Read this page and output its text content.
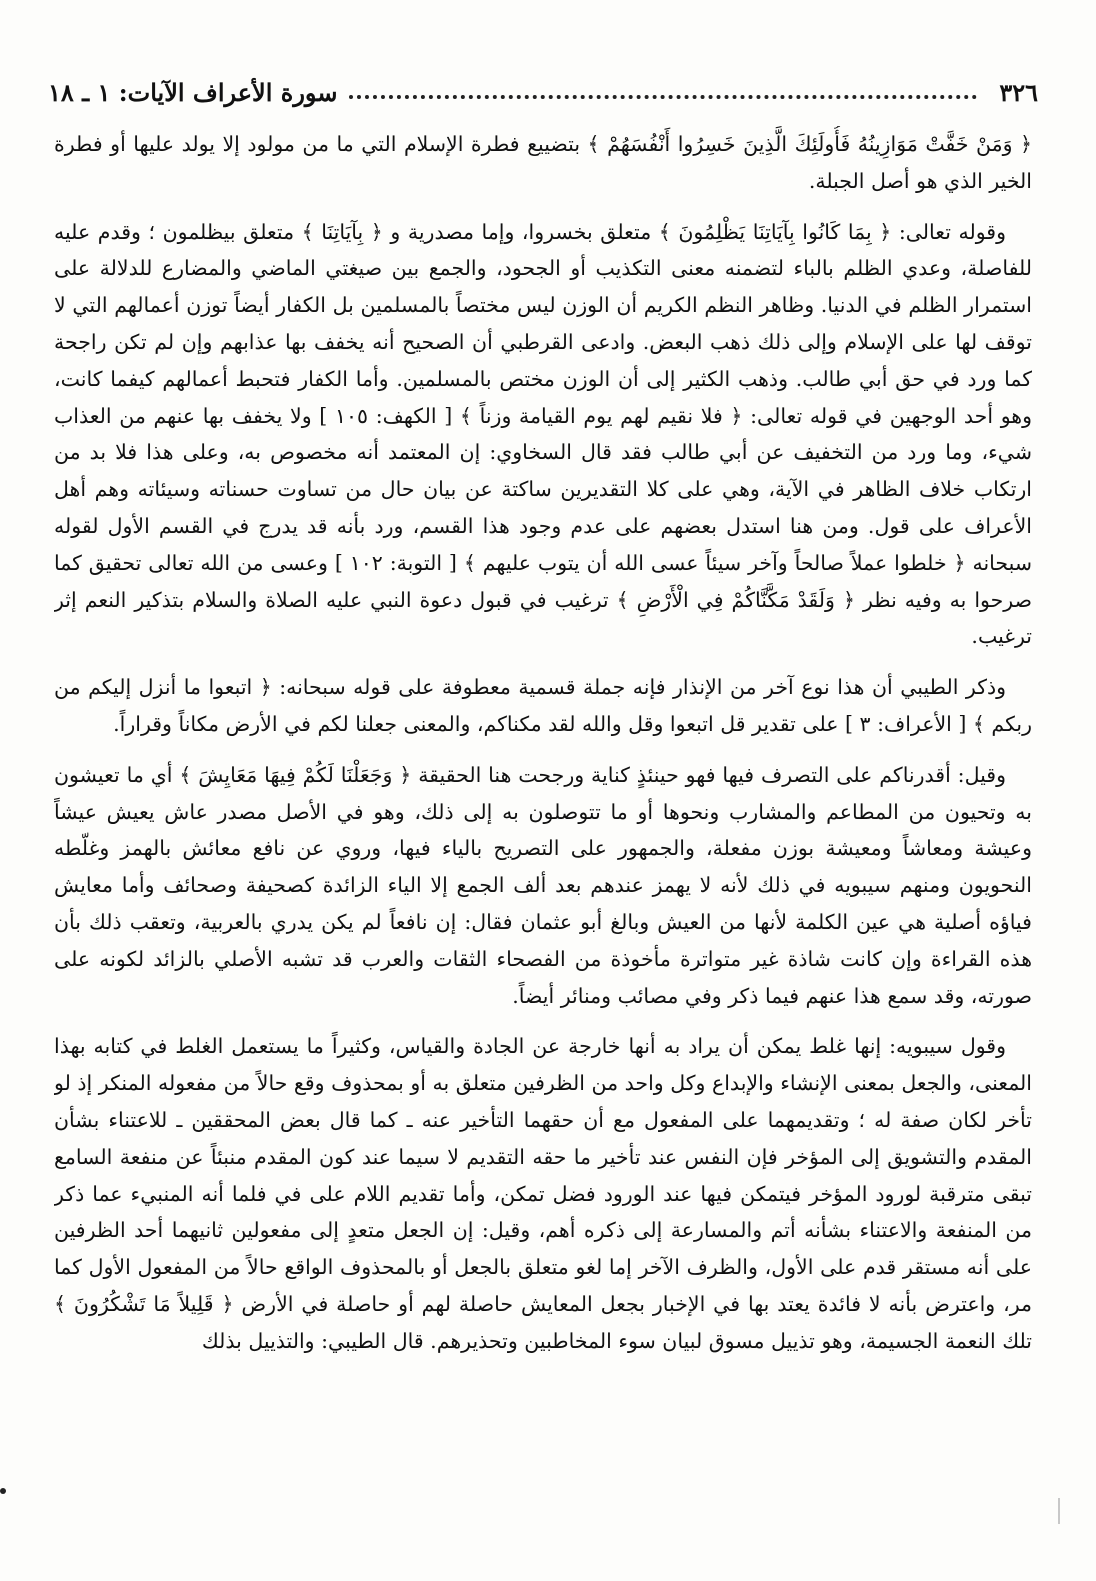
٣٢٦
سورة الأعراف الآيات: ١ ـ ١٨

﴿ وَمَنْ خَفَّتْ مَوَازِينُهُ فَأُولَئِكَ الَّذِينَ خَسِرُوا أَنْفُسَهُمْ ﴾ بتضييع فطرة الإسلام التي ما من مولود إلا يولد عليها أو فطرة الخير الذي هو أصل الجبلة.

وقوله تعالى: ﴿ بِمَا كَانُوا بِآيَاتِنَا يَظْلِمُونَ ﴾ متعلق بخسروا، وإما مصدرية و ﴿ بِآيَاتِنَا ﴾ متعلق بيظلمون ؛ وقدم عليه للفاصلة، وعدي الظلم بالباء لتضمنه معنى التكذيب أو الجحود، والجمع بين صيغتي الماضي والمضارع للدلالة على استمرار الظلم في الدنيا. وظاهر النظم الكريم أن الوزن ليس مختصاً بالمسلمين بل الكفار أيضاً توزن أعمالهم التي لا توقف لها على الإسلام وإلى ذلك ذهب البعض. وادعى القرطبي أن الصحيح أنه يخفف بها عذابهم وإن لم تكن راجحة كما ورد في حق أبي طالب. وذهب الكثير إلى أن الوزن مختص بالمسلمين. وأما الكفار فتحبط أعمالهم كيفما كانت، وهو أحد الوجهين في قوله تعالى: ﴿ فلا نقيم لهم يوم القيامة وزناً ﴾ [ الكهف: ١٠٥ ] ولا يخفف بها عنهم من العذاب شيء، وما ورد من التخفيف عن أبي طالب فقد قال السخاوي: إن المعتمد أنه مخصوص به، وعلى هذا فلا بد من ارتكاب خلاف الظاهر في الآية، وهي على كلا التقديرين ساكتة عن بيان حال من تساوت حسناته وسيئاته وهم أهل الأعراف على قول. ومن هنا استدل بعضهم على عدم وجود هذا القسم، ورد بأنه قد يدرج في القسم الأول لقوله سبحانه ﴿ خلطوا عملاً صالحاً وآخر سيئاً عسى الله أن يتوب عليهم ﴾ [ التوبة: ١٠٢ ] وعسى من الله تعالى تحقيق كما صرحوا به وفيه نظر ﴿ وَلَقَدْ مَكَّنَّاكُمْ فِي الْأَرْضِ ﴾ ترغيب في قبول دعوة النبي عليه الصلاة والسلام بتذكير النعم إثر ترغيب.

وذكر الطيبي أن هذا نوع آخر من الإنذار فإنه جملة قسمية معطوفة على قوله سبحانه: ﴿ اتبعوا ما أنزل إليكم من ربكم ﴾ [ الأعراف: ٣ ] على تقدير قل اتبعوا وقل والله لقد مكناكم، والمعنى جعلنا لكم في الأرض مكاناً وقراراً.

وقيل: أقدرناكم على التصرف فيها فهو حينئذٍ كناية ورجحت هنا الحقيقة ﴿ وَجَعَلْنَا لَكُمْ فِيهَا مَعَايِشَ ﴾ أي ما تعيشون به وتحيون من المطاعم والمشارب ونحوها أو ما تتوصلون به إلى ذلك، وهو في الأصل مصدر عاش يعيش عيشاً وعيشة ومعاشاً ومعيشة بوزن مفعلة، والجمهور على التصريح بالياء فيها، وروي عن نافع معائش بالهمز وغلّطه النحويون ومنهم سيبويه في ذلك لأنه لا يهمز عندهم بعد ألف الجمع إلا الياء الزائدة كصحيفة وصحائف وأما معايش فياؤه أصلية هي عين الكلمة لأنها من العيش وبالغ أبو عثمان فقال: إن نافعاً لم يكن يدري بالعربية، وتعقب ذلك بأن هذه القراءة وإن كانت شاذة غير متواترة مأخوذة من الفصحاء الثقات والعرب قد تشبه الأصلي بالزائد لكونه على صورته، وقد سمع هذا عنهم فيما ذكر وفي مصائب ومنائر أيضاً.

وقول سيبويه: إنها غلط يمكن أن يراد به أنها خارجة عن الجادة والقياس، وكثيراً ما يستعمل الغلط في كتابه بهذا المعنى، والجعل بمعنى الإنشاء والإبداع وكل واحد من الظرفين متعلق به أو بمحذوف وقع حالاً من مفعوله المنكر إذ لو تأخر لكان صفة له ؛ وتقديمهما على المفعول مع أن حقهما التأخير عنه ـ كما قال بعض المحققين ـ للاعتناء بشأن المقدم والتشويق إلى المؤخر فإن النفس عند تأخير ما حقه التقديم لا سيما عند كون المقدم منبئاً عن منفعة السامع تبقى مترقبة لورود المؤخر فيتمكن فيها عند الورود فضل تمكن، وأما تقديم اللام على في فلما أنه المنبيء عما ذكر من المنفعة والاعتناء بشأنه أتم والمسارعة إلى ذكره أهم، وقيل: إن الجعل متعدٍ إلى مفعولين ثانيهما أحد الظرفين على أنه مستقر قدم على الأول، والظرف الآخر إما لغو متعلق بالجعل أو بالمحذوف الواقع حالاً من المفعول الأول كما مر، واعترض بأنه لا فائدة يعتد بها في الإخبار بجعل المعايش حاصلة لهم أو حاصلة في الأرض ﴿ قَلِيلاً مَا تَشْكُرُونَ ﴾ تلك النعمة الجسيمة، وهو تذييل مسوق لبيان سوء المخاطبين وتحذيرهم. قال الطيبي: والتذييل بذلك
